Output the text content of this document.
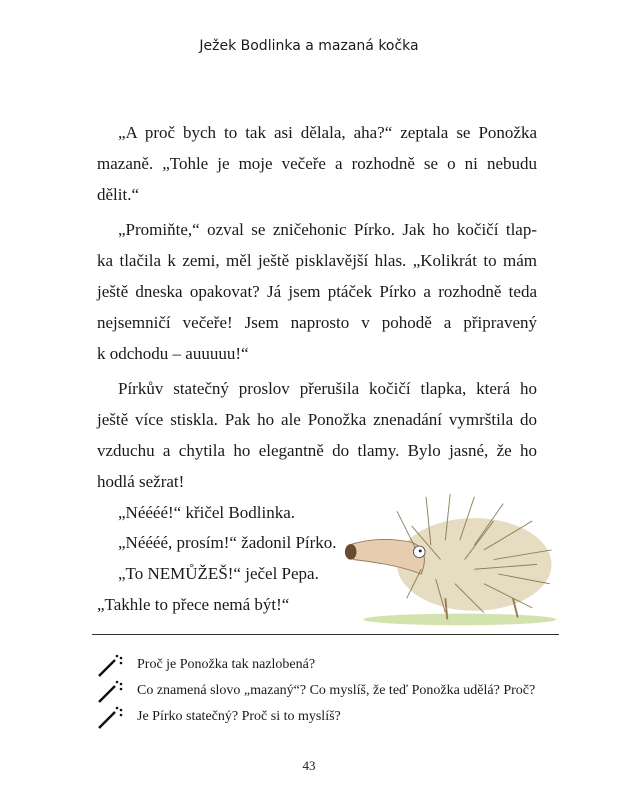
Ježek Bodlinka a mazaná kočka
„A proč bych to tak asi dělala, aha?“ zeptala se Ponožka
mazaně. „Tohle je moje večeře a rozhodně se o ni nebudu
dělit.“
„Promiňte,“ ozval se zničehonic Pírko. Jak ho kočičí tlap-
ka tlačila k zemi, měl ještě pisklavější hlas. „Kolikrát to mám
ještě dneska opakovat? Já jsem ptáček Pírko a rozhodně teda
nejsemničí večeře! Jsem naprosto v pohodě a připravený
k odchodu – auuuuu!“
Pírkův statečný proslov přerušila kočičí tlapka, která ho
ještě více stiskla. Pak ho ale Ponožka znenadání vymrštila do
vzduchu a chytila ho elegantně do tlamy. Bylo jasné, že ho
hodlá sežrat!
„Néééé!“ křičel Bodlinka.
„Néééé, prosím!“ žadonil Pírko.
„To NEMŮŽEŠ!“ ječel Pepa.
„Takhle to přece nemá být!“
Proč je Ponožka tak nazlobená?
Co znamená slovo „mazaný“? Co myslíš, že teď Ponožka udělá? Proč?
Je Pírko statečný? Proč si to myslíš?
43
